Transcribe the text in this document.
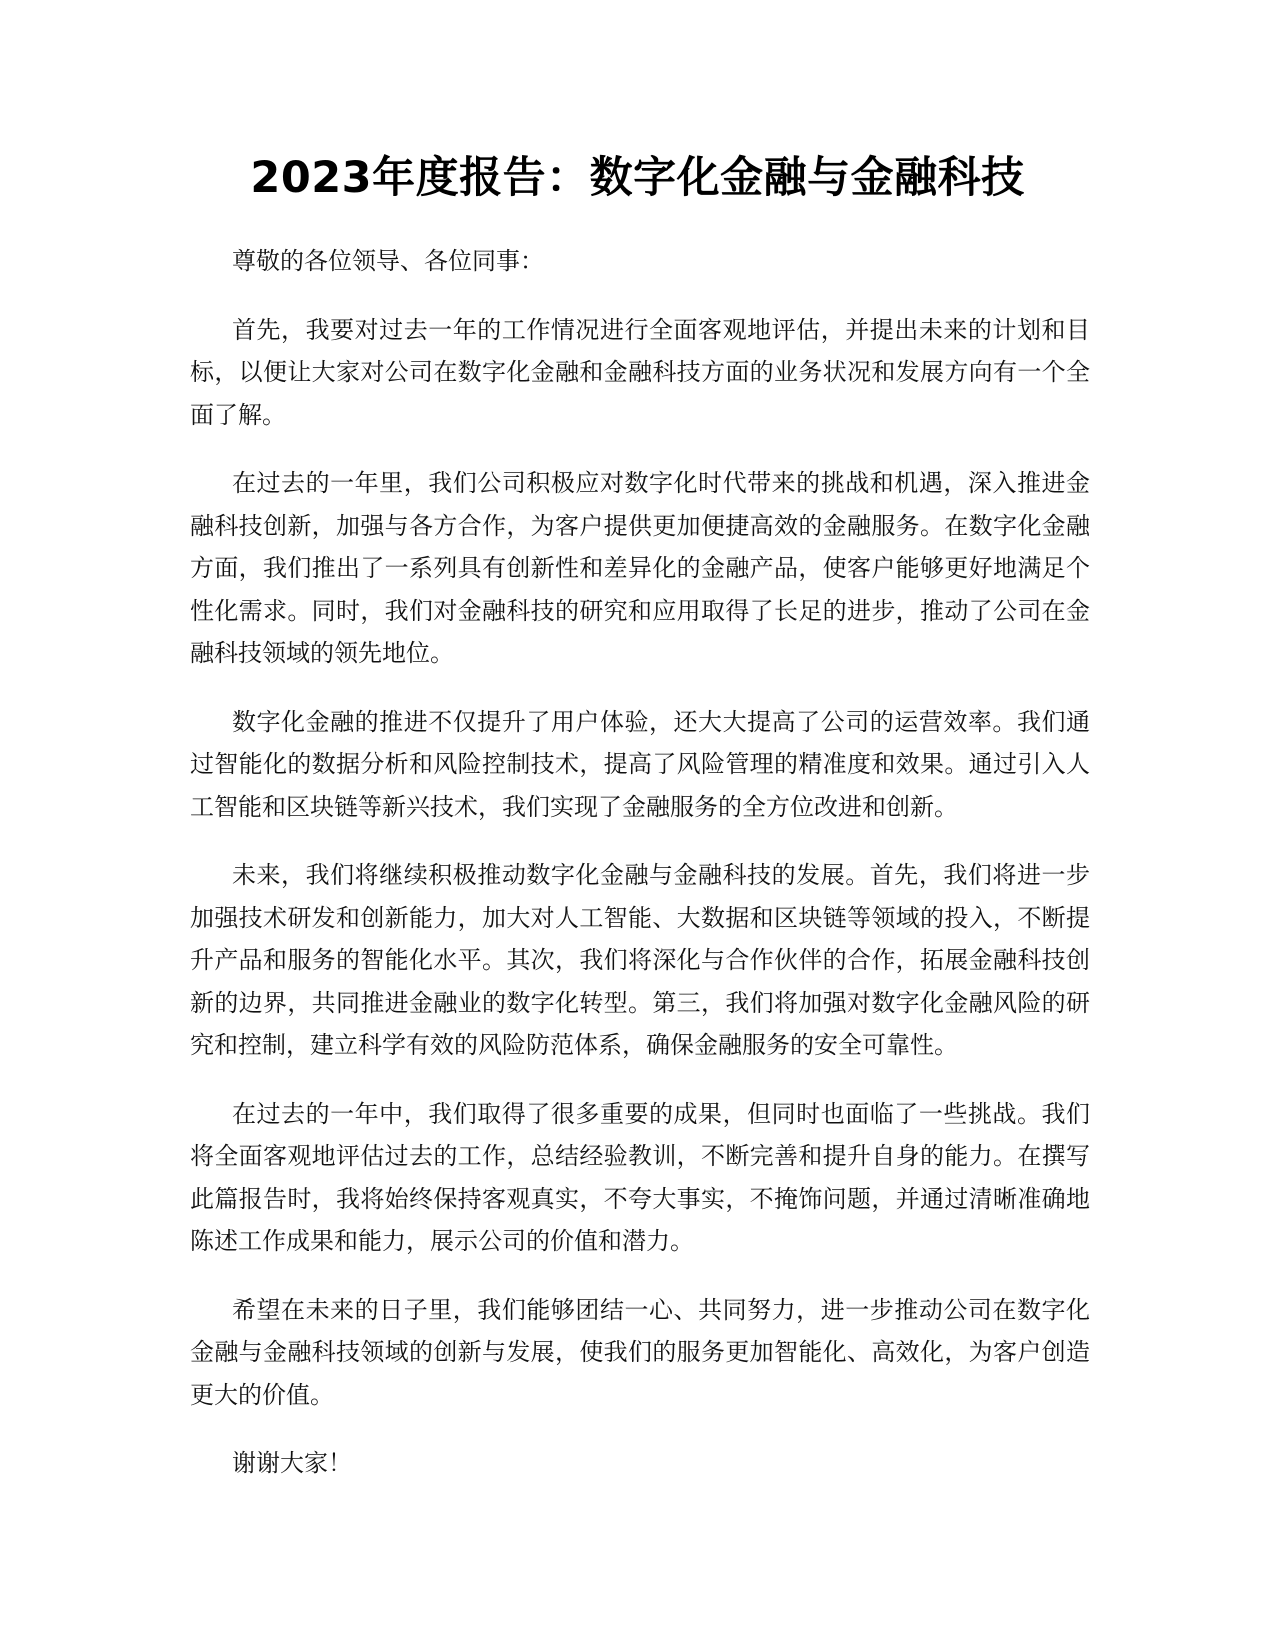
2023年度报告：数字化金融与金融科技

尊敬的各位领导、各位同事：

首先，我要对过去一年的工作情况进行全面客观地评估，并提出未来的计划和目标，以便让大家对公司在数字化金融和金融科技方面的业务状况和发展方向有一个全面了解。

在过去的一年里，我们公司积极应对数字化时代带来的挑战和机遇，深入推进金融科技创新，加强与各方合作，为客户提供更加便捷高效的金融服务。在数字化金融方面，我们推出了一系列具有创新性和差异化的金融产品，使客户能够更好地满足个性化需求。同时，我们对金融科技的研究和应用取得了长足的进步，推动了公司在金融科技领域的领先地位。

数字化金融的推进不仅提升了用户体验，还大大提高了公司的运营效率。我们通过智能化的数据分析和风险控制技术，提高了风险管理的精准度和效果。通过引入人工智能和区块链等新兴技术，我们实现了金融服务的全方位改进和创新。

未来，我们将继续积极推动数字化金融与金融科技的发展。首先，我们将进一步加强技术研发和创新能力，加大对人工智能、大数据和区块链等领域的投入，不断提升产品和服务的智能化水平。其次，我们将深化与合作伙伴的合作，拓展金融科技创新的边界，共同推进金融业的数字化转型。第三，我们将加强对数字化金融风险的研究和控制，建立科学有效的风险防范体系，确保金融服务的安全可靠性。

在过去的一年中，我们取得了很多重要的成果，但同时也面临了一些挑战。我们将全面客观地评估过去的工作，总结经验教训，不断完善和提升自身的能力。在撰写此篇报告时，我将始终保持客观真实，不夸大事实，不掩饰问题，并通过清晰准确地陈述工作成果和能力，展示公司的价值和潜力。

希望在未来的日子里，我们能够团结一心、共同努力，进一步推动公司在数字化金融与金融科技领域的创新与发展，使我们的服务更加智能化、高效化，为客户创造更大的价值。

谢谢大家！
